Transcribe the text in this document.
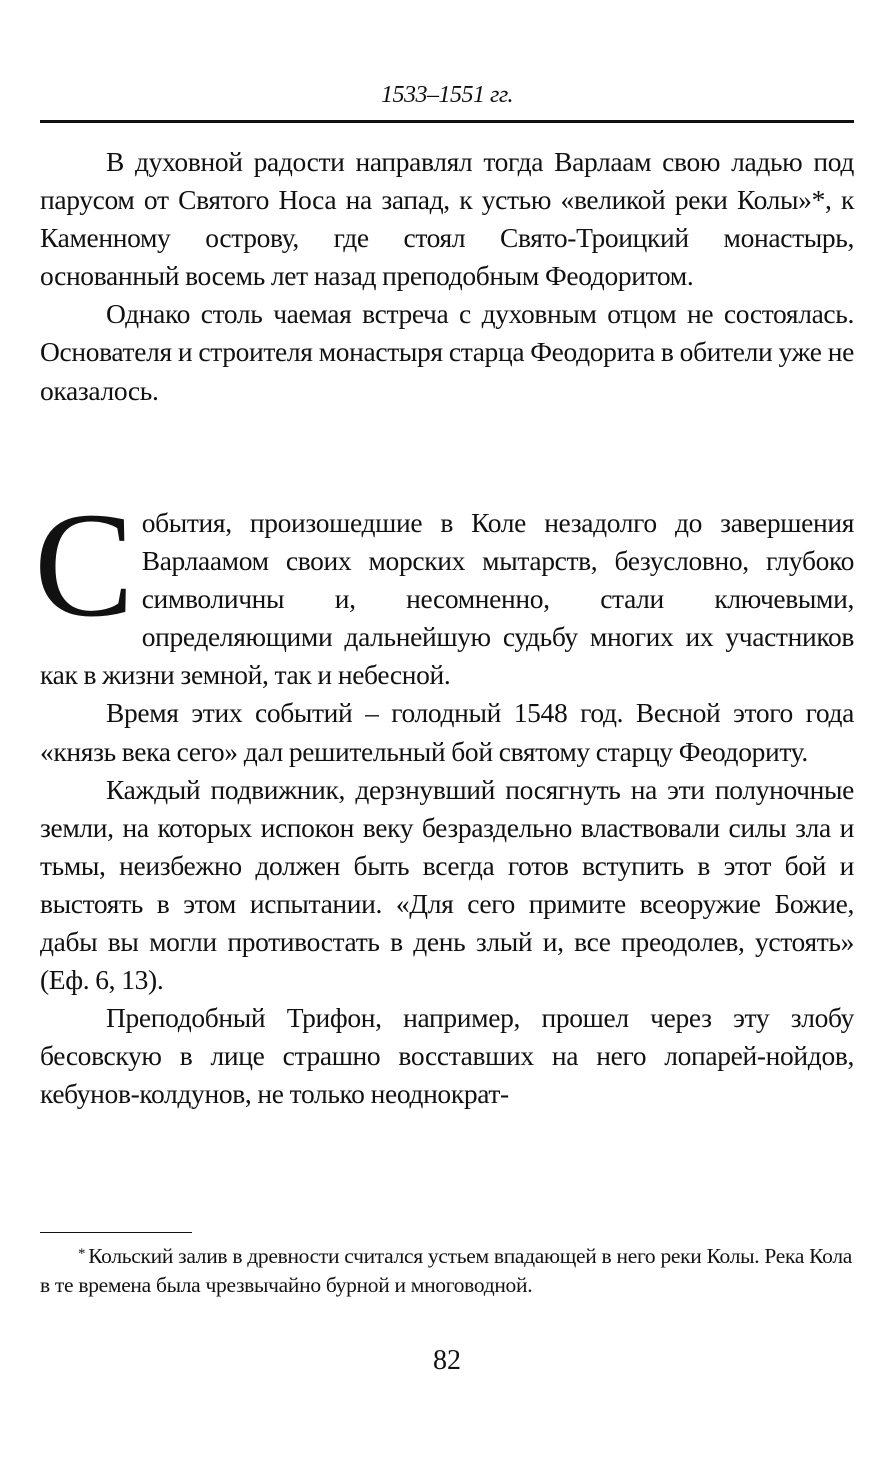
1533–1551 гг.

В духовной радости направлял тогда Варлаам свою ладью под парусом от Святого Носа на запад, к устью «великой реки Колы»*, к Каменному острову, где стоял Свято-Троицкий монастырь, основанный восемь лет назад преподобным Феодоритом.

Однако столь чаемая встреча с духовным отцом не состоялась. Основателя и строителя монастыря старца Феодорита в обители уже не оказалось.

События, произошедшие в Коле незадолго до завершения Варлаамом своих морских мытарств, безусловно, глубоко символичны и, несомненно, стали ключевыми, определяющими дальнейшую судьбу многих их участников как в жизни земной, так и небесной.

Время этих событий – голодный 1548 год. Весной этого года «князь века сего» дал решительный бой святому старцу Феодориту.

Каждый подвижник, дерзнувший посягнуть на эти полуночные земли, на которых испокон веку безраздельно властвовали силы зла и тьмы, неизбежно должен быть всегда готов вступить в этот бой и выстоять в этом испытании. «Для сего примите всеоружие Божие, дабы вы могли противостать в день злый и, все преодолев, устоять» (Еф. 6, 13).

Преподобный Трифон, например, прошел через эту злобу бесовскую в лице страшно восставших на него лопарей-нойдов, кебунов-колдунов, не только неоднократ-

* Кольский залив в древности считался устьем впадающей в него реки Колы. Река Кола в те времена была чрезвычайно бурной и многоводной.

82
